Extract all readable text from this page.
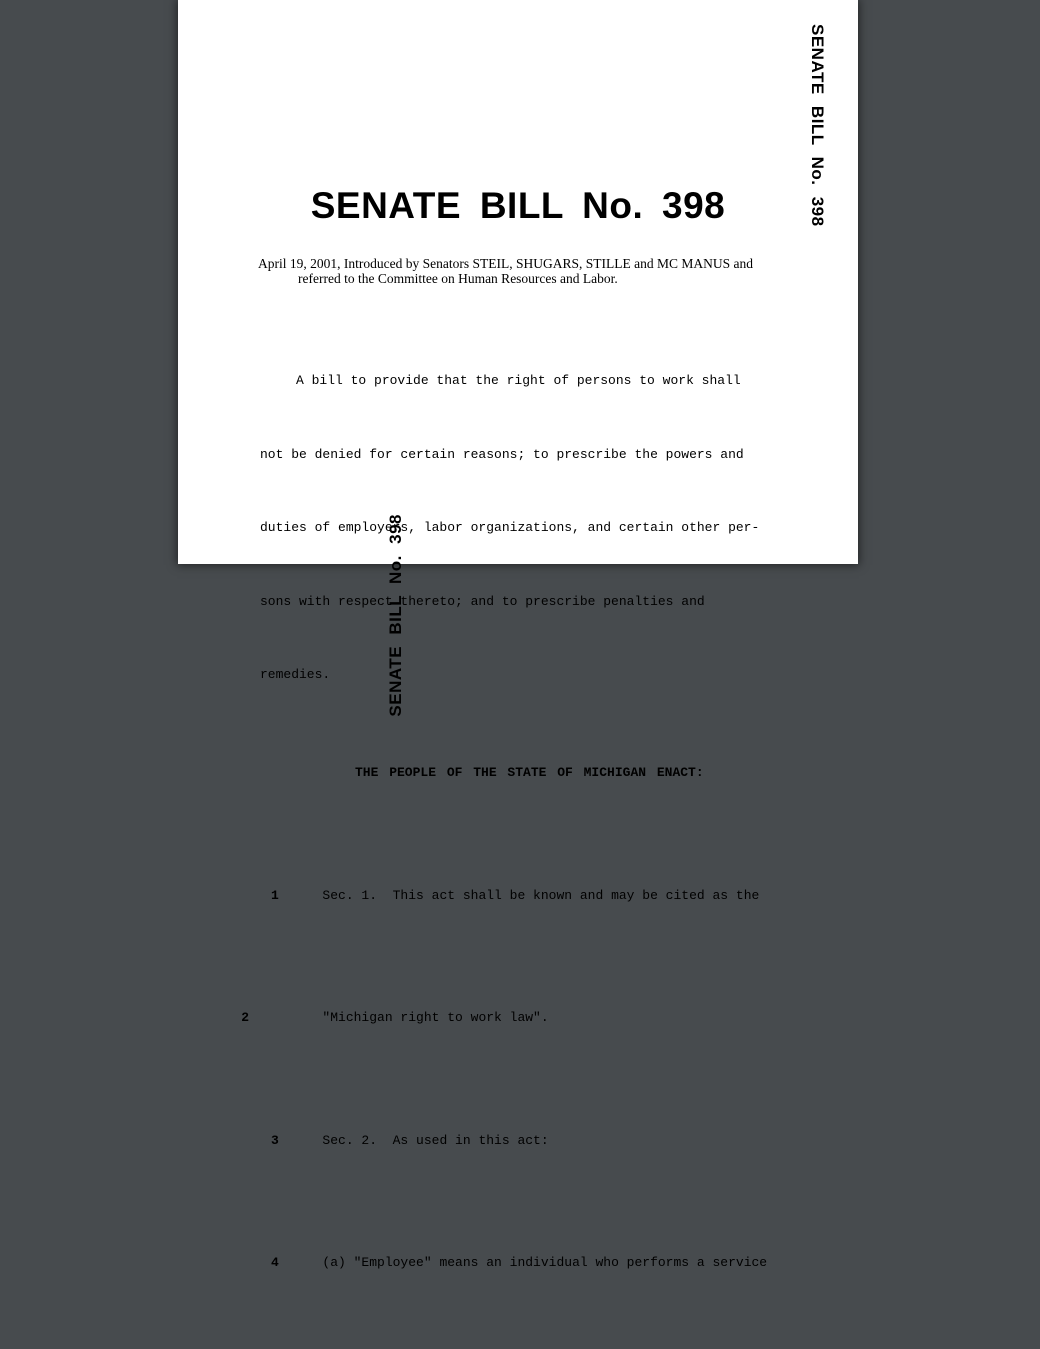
SENATE BILL No. 398
April 19, 2001, Introduced by Senators STEIL, SHUGARS, STILLE and MC MANUS and
referred to the Committee on Human Resources and Labor.

A bill to provide that the right of persons to work shall

not be denied for certain reasons; to prescribe the powers and

duties of employers, labor organizations, and certain other per-

sons with respect thereto; and to prescribe penalties and

remedies.

THE PEOPLE OF THE STATE OF MICHIGAN ENACT:

1	Sec. 1.  This act shall be known and may be cited as the

2	"Michigan right to work law".

3	Sec. 2.  As used in this act:

4	(a) "Employee" means an individual who performs a service

SENATE BILL No. 398
SENATE BILL No. 398
